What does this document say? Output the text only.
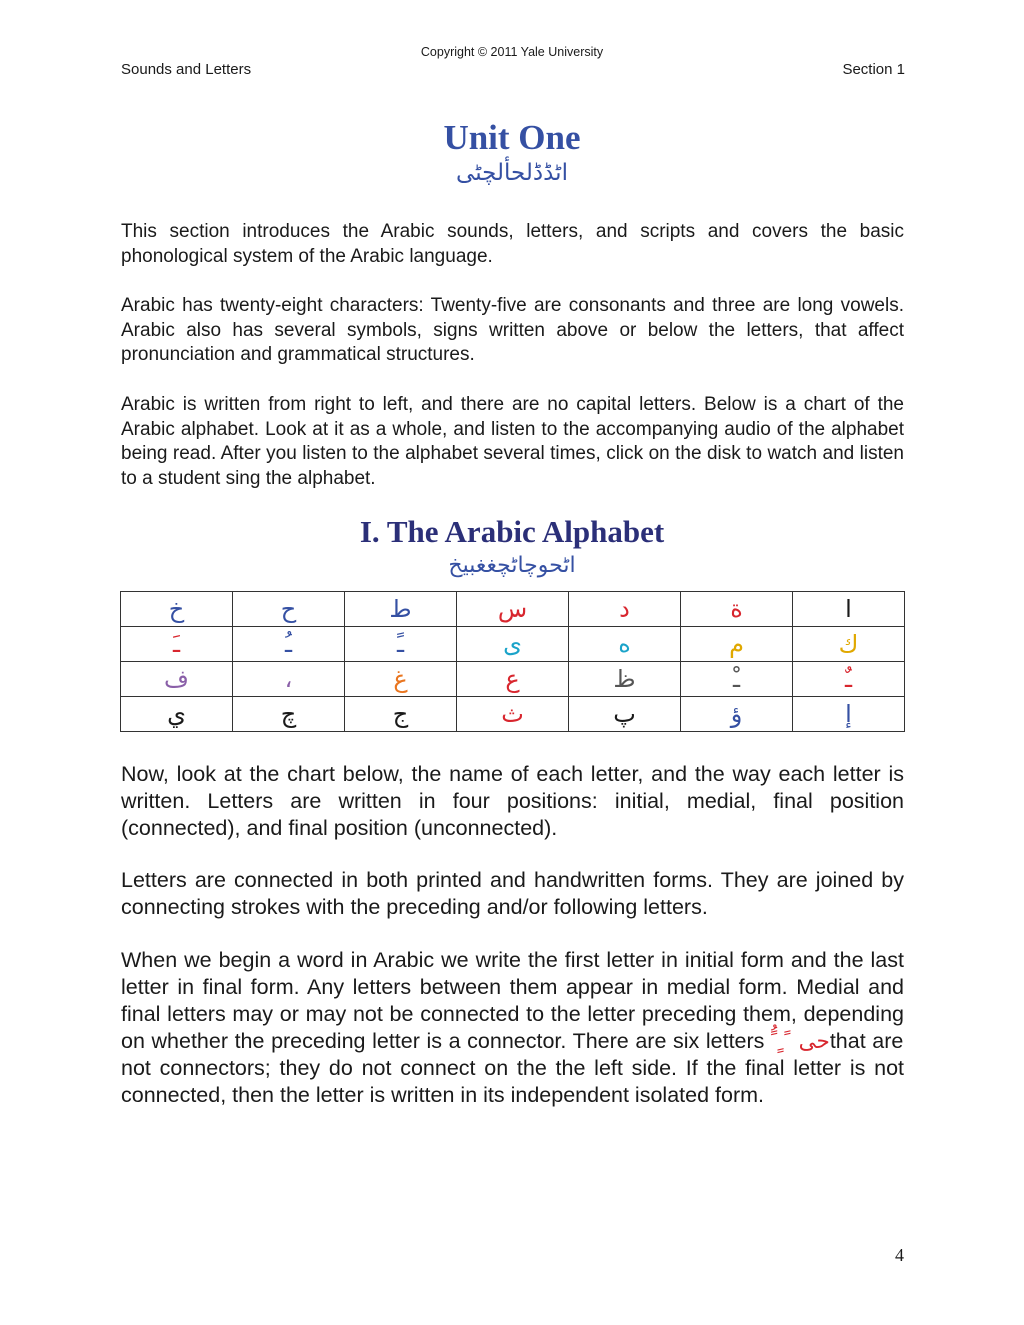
Copyright © 2011 Yale University
Sounds and Letters	Section 1
Unit One
اٹڈڈلحألچٹی

This section introduces the Arabic sounds, letters, and scripts and covers the basic phonological system of the Arabic language.

Arabic has twenty-eight characters: Twenty-five are consonants and three are long vowels. Arabic also has several symbols, signs written above or below the letters, that affect pronunciation and grammatical structures.

Arabic is written from right to left, and there are no capital letters. Below is a chart of the Arabic alphabet. Look at it as a whole, and listen to the accompanying audio of the alphabet being read. After you listen to the alphabet several times, click on the disk to watch and listen to a student sing the alphabet.

I. The Arabic Alphabet
اٹحوچاٹچغغبیخ
خ	ح	ط	س	د	ة	ا
ـَ	ـُ	ـً	ى	ه	م	ك
ف	،	غ	ع	ظ	ـْ	ـٌ
ي	چ	ج	ث	پ	ؤ	إ

Now, look at the chart below, the name of each letter, and the way each letter is written. Letters are written in four positions: initial, medial, final position (connected), and final position (unconnected).

Letters are connected in both printed and handwritten forms. They are joined by connecting strokes with the preceding and/or following letters.

When we begin a word in Arabic we write the first letter in initial form and the last letter in final form. Any letters between them appear in medial form. Medial and final letters may or may not be connected to the letter preceding them, depending on whether the preceding letter is a connector. There are six letters ً ُ ٍ ً حیthat are not connectors; they do not connect on the the left side. If the final letter is not connected, then the letter is written in its independent isolated form.
4
